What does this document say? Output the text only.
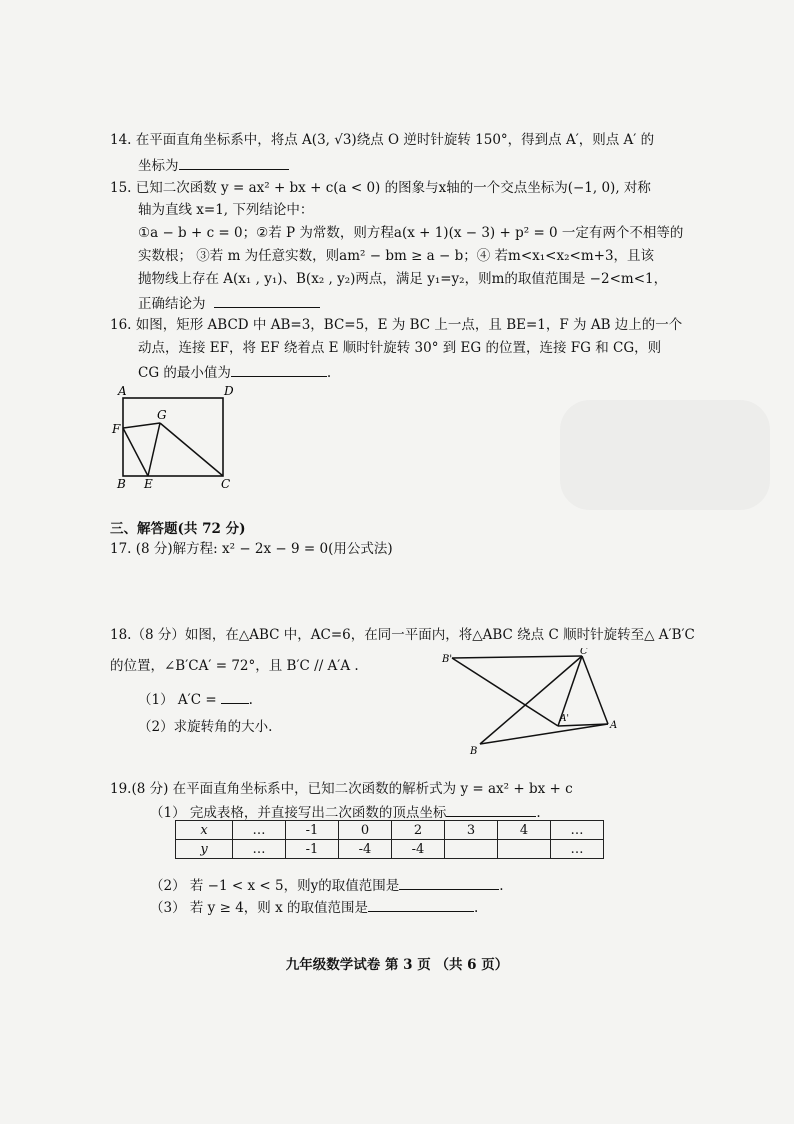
14. 在平面直角坐标系中，将点 A(3, √3)绕点 O 逆时针旋转 150°，得到点 A′，则点 A′ 的
坐标为
15. 已知二次函数 y = ax² + bx + c(a < 0) 的图象与x轴的一个交点坐标为(−1, 0), 对称
轴为直线 x=1, 下列结论中：
①a − b + c = 0；②若 P 为常数，则方程a(x + 1)(x − 3) + p² = 0 一定有两个不相等的
实数根； ③若 m 为任意实数，则am² − bm ≥ a − b；④ 若m<x₁<x₂<m+3，且该
抛物线上存在 A(x₁ , y₁)、B(x₂ , y₂)两点，满足 y₁=y₂，则m的取值范围是 −2<m<1，
正确结论为
16. 如图，矩形 ABCD 中 AB=3，BC=5，E 为 BC 上一点，且 BE=1，F 为 AB 边上的一个
动点，连接 EF，将 EF 绕着点 E 顺时针旋转 30° 到 EG 的位置，连接 FG 和 CG，则
CG 的最小值为	.
A	D
G
F
B E	C
三、解答题(共 72 分)
17. (8 分)解方程: x² − 2x − 9 = 0(用公式法)
18.（8 分）如图，在△ABC 中，AC=6，在同一平面内，将△ABC 绕点 C 顺时针旋转至△ A′B′C
的位置，∠B′CA′ = 72°，且 B′C // A′A .
（1） A′C = .
（2）求旋转角的大小.
B'
C
A'
A
B
19.(8 分) 在平面直角坐标系中，已知二次函数的解析式为 y = ax² + bx + c
（1） 完成表格，并直接写出二次函数的顶点坐标	.
x	…	-1	0	2	3	4	…
y	…	-1	-4	-4			…
（2） 若 −1 < x < 5，则y的取值范围是	.
（3） 若 y ≥ 4，则 x 的取值范围是	.
九年级数学试卷 第 3 页 （共 6 页）
